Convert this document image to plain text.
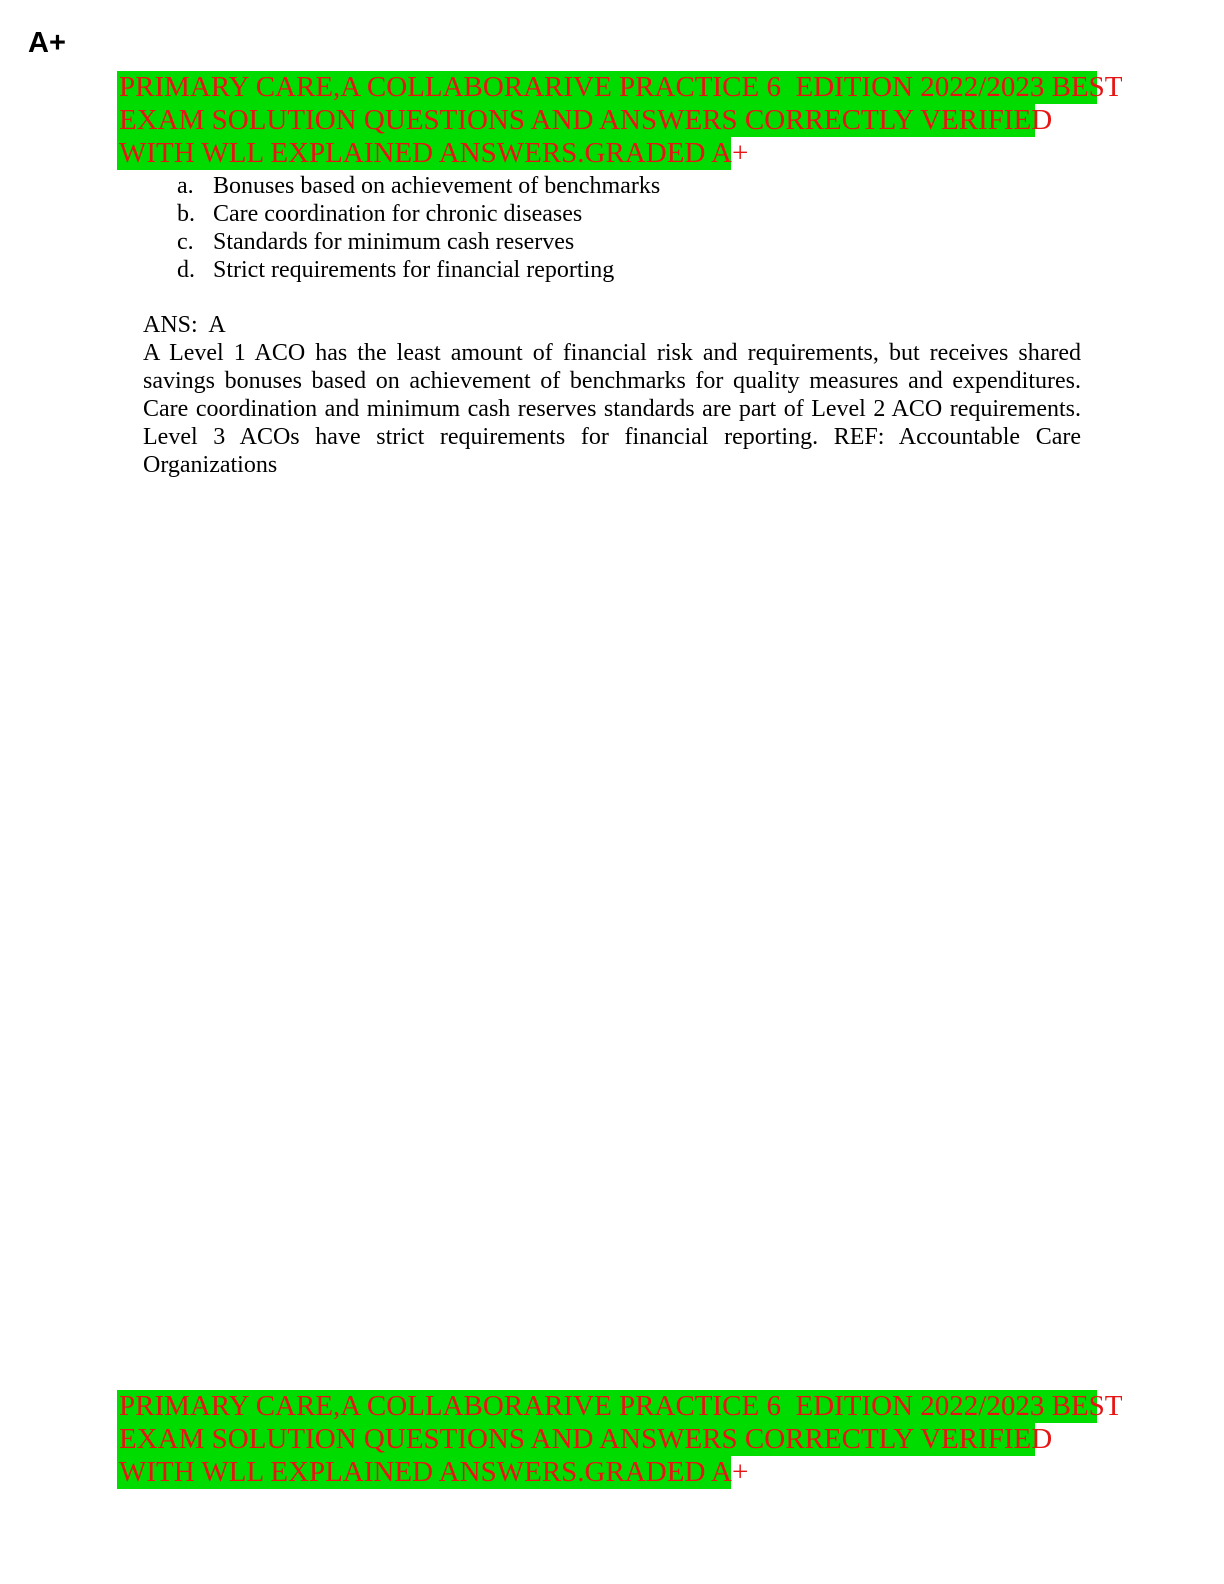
A+
PRIMARY CARE,A COLLABORARIVE PRACTICE 6  EDITION 2022/2023 BEST
EXAM SOLUTION QUESTIONS AND ANSWERS CORRECTLY VERIFIED
WITH WLL EXPLAINED ANSWERS.GRADED A+
a. Bonuses based on achievement of benchmarks
b. Care coordination for chronic diseases
c. Standards for minimum cash reserves
d. Strict requirements for financial reporting
ANS:  A
A Level 1 ACO has the least amount of financial risk and requirements, but receives shared savings bonuses based on achievement of benchmarks for quality measures and expenditures. Care coordination and minimum cash reserves standards are part of Level 2 ACO requirements. Level 3 ACOs have strict requirements for financial reporting. REF: Accountable Care Organizations
PRIMARY CARE,A COLLABORARIVE PRACTICE 6  EDITION 2022/2023 BEST
EXAM SOLUTION QUESTIONS AND ANSWERS CORRECTLY VERIFIED
WITH WLL EXPLAINED ANSWERS.GRADED A+
